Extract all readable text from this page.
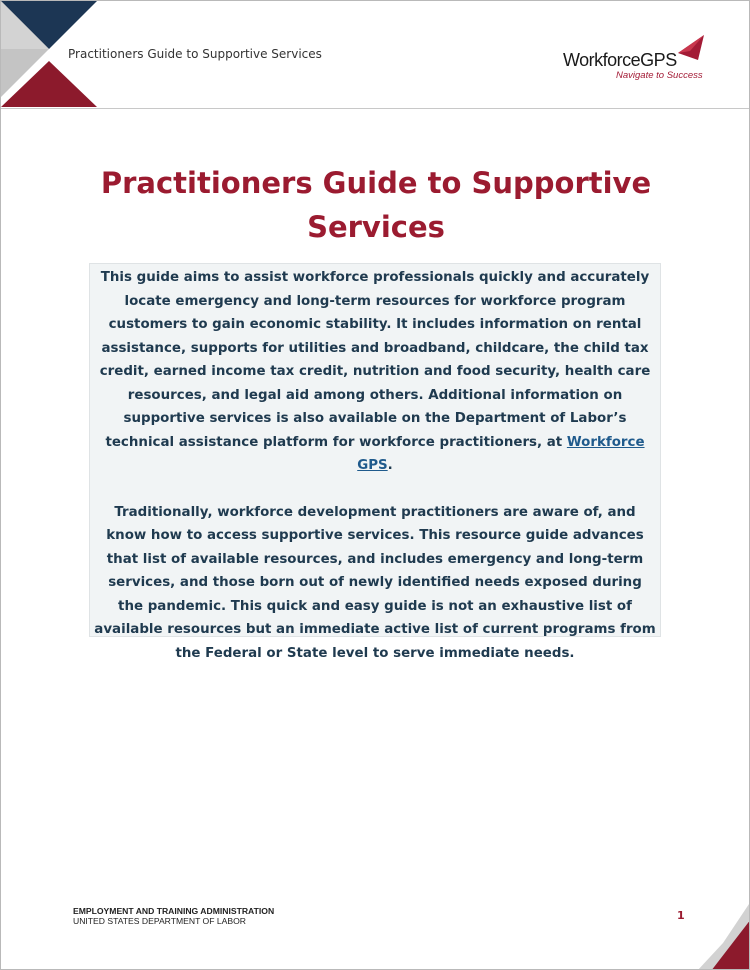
Practitioners Guide to Supportive Services	WorkforceGPS
Navigate to Success
Practitioners Guide to Supportive
Services

This guide aims to assist workforce professionals quickly and accurately locate emergency and long-term resources for workforce program customers to gain economic stability. It includes information on rental assistance, supports for utilities and broadband, childcare, the child tax credit, earned income tax credit, nutrition and food security, health care resources, and legal aid among others. Additional information on supportive services is also available on the Department of Labor’s technical assistance platform for workforce practitioners, at Workforce GPS.

Traditionally, workforce development practitioners are aware of, and know how to access supportive services. This resource guide advances that list of available resources, and includes emergency and long-term services, and those born out of newly identified needs exposed during the pandemic. This quick and easy guide is not an exhaustive list of available resources but an immediate active list of current programs from the Federal or State level to serve immediate needs.

EMPLOYMENT AND TRAINING ADMINISTRATION
UNITED STATES DEPARTMENT OF LABOR	1
